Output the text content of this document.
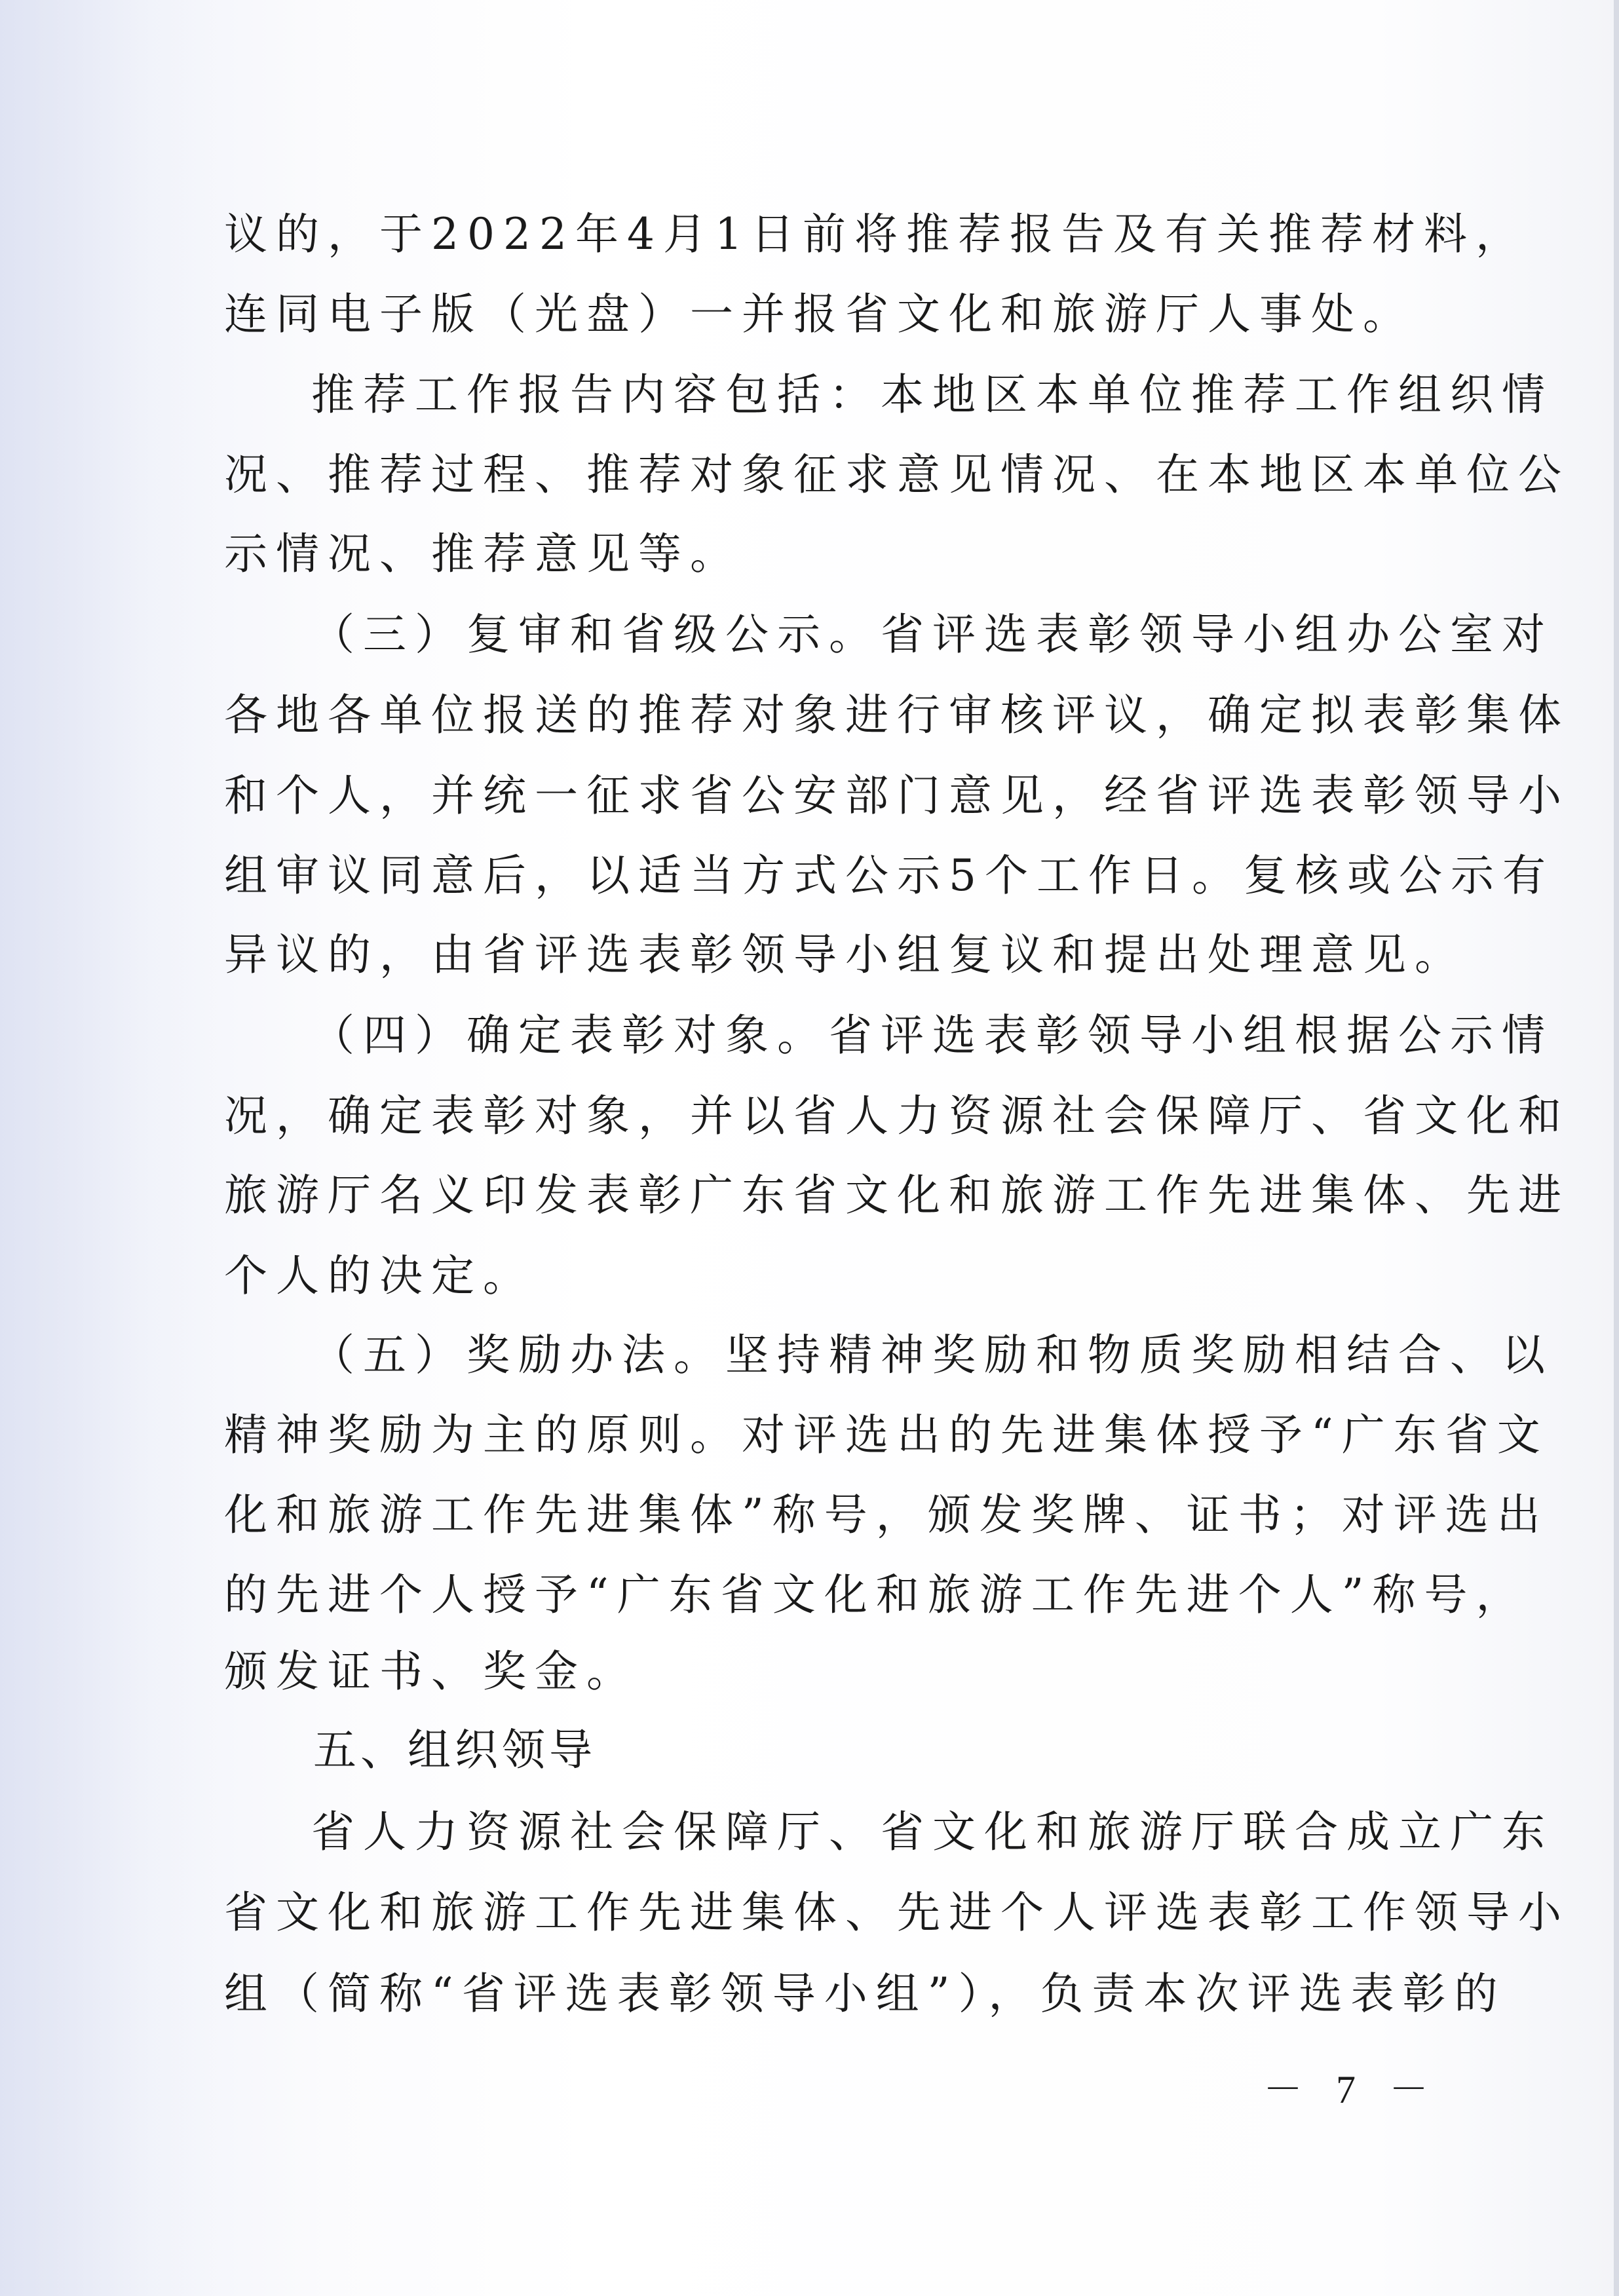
议的，于2022年4月1日前将推荐报告及有关推荐材料，
连同电子版（光盘）一并报省文化和旅游厅人事处。
推荐工作报告内容包括：本地区本单位推荐工作组织情
况、推荐过程、推荐对象征求意见情况、在本地区本单位公
示情况、推荐意见等。
（三）复审和省级公示。省评选表彰领导小组办公室对
各地各单位报送的推荐对象进行审核评议，确定拟表彰集体
和个人，并统一征求省公安部门意见，经省评选表彰领导小
组审议同意后，以适当方式公示5个工作日。复核或公示有
异议的，由省评选表彰领导小组复议和提出处理意见。
（四）确定表彰对象。省评选表彰领导小组根据公示情
况，确定表彰对象，并以省人力资源社会保障厅、省文化和
旅游厅名义印发表彰广东省文化和旅游工作先进集体、先进
个人的决定。
（五）奖励办法。坚持精神奖励和物质奖励相结合、以
精神奖励为主的原则。对评选出的先进集体授予“广东省文
化和旅游工作先进集体”称号，颁发奖牌、证书；对评选出
的先进个人授予“广东省文化和旅游工作先进个人”称号，
颁发证书、奖金。
五、组织领导
省人力资源社会保障厅、省文化和旅游厅联合成立广东
省文化和旅游工作先进集体、先进个人评选表彰工作领导小
组（简称“省评选表彰领导小组”），负责本次评选表彰的
－ 7 －
